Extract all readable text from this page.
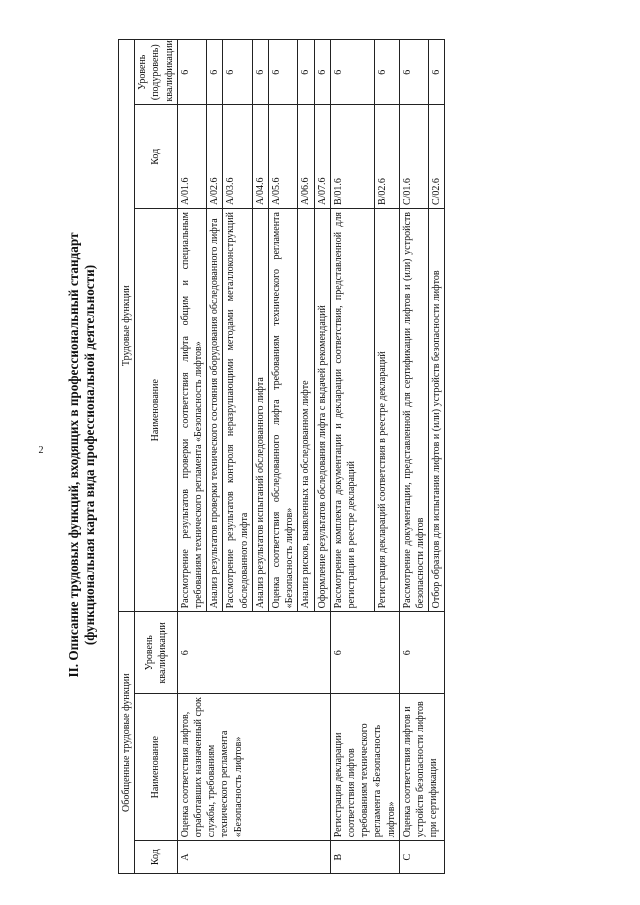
2	II. Описание трудовых функций, входящих в профессиональный стандарт (функциональная карта вида профессиональной деятельности)
Обобщенные трудовые функции			Трудовые функции		
Код	Наименование	Уровень квалификации	Наименование	Код	Уровень (подуровень) квалификации
A	Оценка соответствия лифтов, отработавших назначенный срок службы, требованиям технического регламента «Безопасность лифтов»	6	Рассмотрение результатов проверки соответствия лифта общим и специальным требованиям технического регламента «Безопасность лифтов»	A/01.6	6
			Анализ результатов проверки технического состояния оборудования обследованного лифта	A/02.6	6
			Рассмотрение результатов контроля неразрушающими методами металлоконструкций обследованного лифта	A/03.6	6
			Анализ результатов испытаний обследованного лифта	A/04.6	6
			Оценка соответствия обследованного лифта требованиям технического регламента «Безопасность лифтов»	A/05.6	6
			Анализ рисков, выявленных на обследованном лифте	A/06.6	6
			Оформление результатов обследования лифта с выдачей рекомендаций	A/07.6	6
B	Регистрация декларации соответствия лифтов требованиям технического регламента «Безопасность лифтов»	6	Рассмотрение комплекта документации и декларации соответствия, представленной для регистрации в реестре деклараций	B/01.6	6
			Регистрация деклараций соответствия в реестре деклараций	B/02.6	6
C	Оценка соответствия лифтов и устройств безопасности лифтов при сертификации	6	Рассмотрение документации, представленной для сертификации лифтов и (или) устройств безопасности лифтов	C/01.6	6
			Отбор образцов для испытания лифтов и (или) устройств безопасности лифтов	C/02.6	6
